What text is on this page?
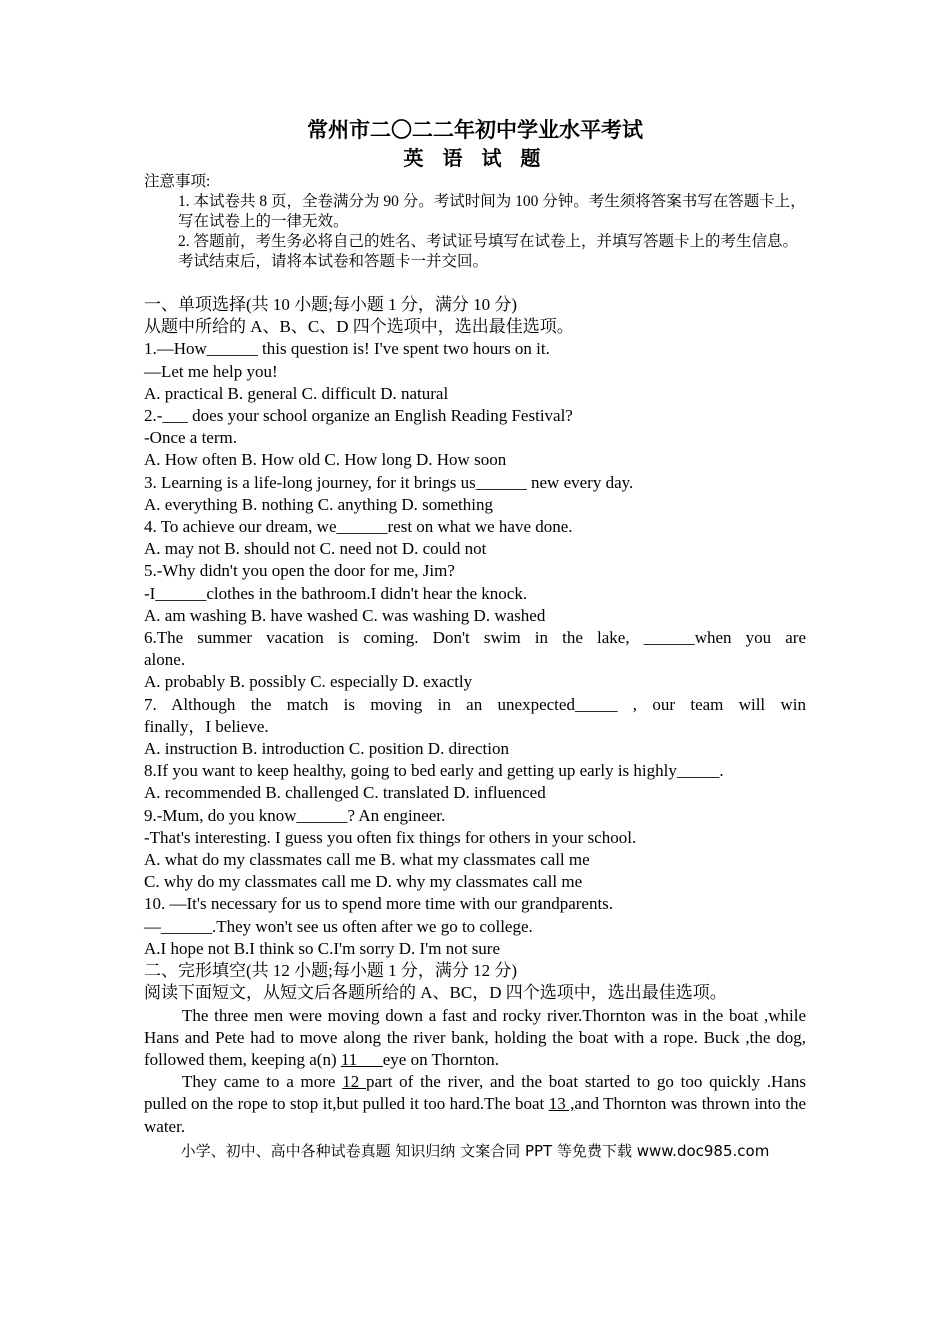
常州市二〇二二年初中学业水平考试
英 语 试 题
注意事项:
1. 本试卷共 8 页，全卷满分为 90 分。考试时间为 100 分钟。考生须将答案书写在答题卡上，写在试卷上的一律无效。
2. 答题前，考生务必将自己的姓名、考试证号填写在试卷上，并填写答题卡上的考生信息。考试结束后，请将本试卷和答题卡一并交回。
一、单项选择(共 10 小题;每小题 1 分，满分 10 分)
从题中所给的 A、B、C、D 四个选项中，选出最佳选项。
1.—How______ this question is! I've spent two hours on it.
—Let me help you!
A. practical B. general C. difficult D. natural
2.-___ does your school organize an English Reading Festival?
-Once a term.
A. How often B. How old C. How long D. How soon
3. Learning is a life-long journey, for it brings us______ new every day.
A. everything B. nothing C. anything D. something
4. To achieve our dream, we______rest on what we have done.
A. may not B. should not C. need not D. could not
5.-Why didn't you open the door for me, Jim?
-I______clothes in the bathroom.I didn't hear the knock.
A. am washing B. have washed C. was washing D. washed
6.The summer vacation is coming. Don't swim in the lake, ______when you are
alone.
A. probably B. possibly C. especially D. exactly
7. Although the match is moving in an unexpected_____ , our team will win
finally，I believe.
A. instruction B. introduction C. position D. direction
8.If you want to keep healthy, going to bed early and getting up early is highly_____.
A. recommended B. challenged C. translated D. influenced
9.-Mum, do you know______? An engineer.
-That's interesting. I guess you often fix things for others in your school.
A. what do my classmates call me B. what my classmates call me
C. why do my classmates call me D. why my classmates call me
10. —It's necessary for us to spend more time with our grandparents.
—______.They won't see us often after we go to college.
A.I hope not B.I think so C.I'm sorry D. I'm not sure
二、完形填空(共 12 小题;每小题 1 分，满分 12 分)
阅读下面短文，从短文后各题所给的 A、BC，D 四个选项中，选出最佳选项。
The three men were moving down a fast and rocky river.Thornton was in the boat ,while Hans and Pete had to move along the river bank, holding the boat with a rope. Buck ,the dog, followed them, keeping a(n) 11___eye on Thornton.
They came to a more 12 part of the river, and the boat started to go too quickly .Hans pulled on the rope to stop it,but pulled it too hard.The boat 13 ,and Thornton was thrown into the water.
小学、初中、高中各种试卷真题 知识归纳 文案合同 PPT 等免费下载 www.doc985.com
